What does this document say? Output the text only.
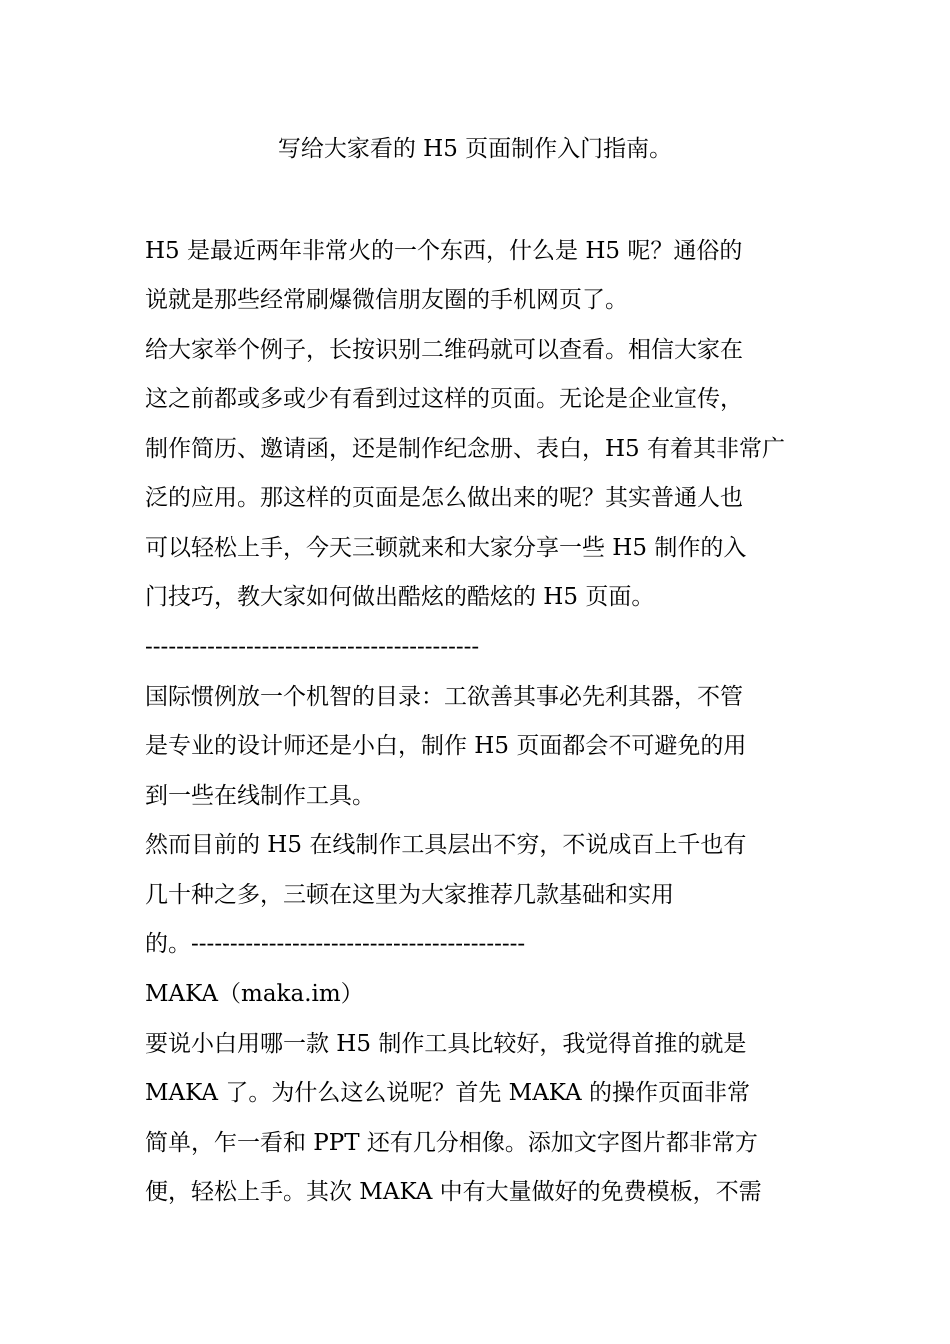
写给大家看的 H5 页面制作入门指南。
H5 是最近两年非常火的一个东西，什么是 H5 呢？通俗的
说就是那些经常刷爆微信朋友圈的手机网页了。
给大家举个例子，长按识别二维码就可以查看。相信大家在
这之前都或多或少有看到过这样的页面。无论是企业宣传，
制作简历、邀请函，还是制作纪念册、表白，H5 有着其非常广
泛的应用。那这样的页面是怎么做出来的呢？其实普通人也
可以轻松上手，今天三顿就来和大家分享一些 H5 制作的入
门技巧，教大家如何做出酷炫的酷炫的 H5 页面。
-------------------------------------------
国际惯例放一个机智的目录：工欲善其事必先利其器，不管
是专业的设计师还是小白，制作 H5 页面都会不可避免的用
到一些在线制作工具。
然而目前的 H5 在线制作工具层出不穷，不说成百上千也有
几十种之多，三顿在这里为大家推荐几款基础和实用
的。-------------------------------------------
MAKA（maka.im）
要说小白用哪一款 H5 制作工具比较好，我觉得首推的就是
MAKA 了。为什么这么说呢？首先 MAKA 的操作页面非常
简单，乍一看和 PPT 还有几分相像。添加文字图片都非常方
便，轻松上手。其次 MAKA 中有大量做好的免费模板，不需
